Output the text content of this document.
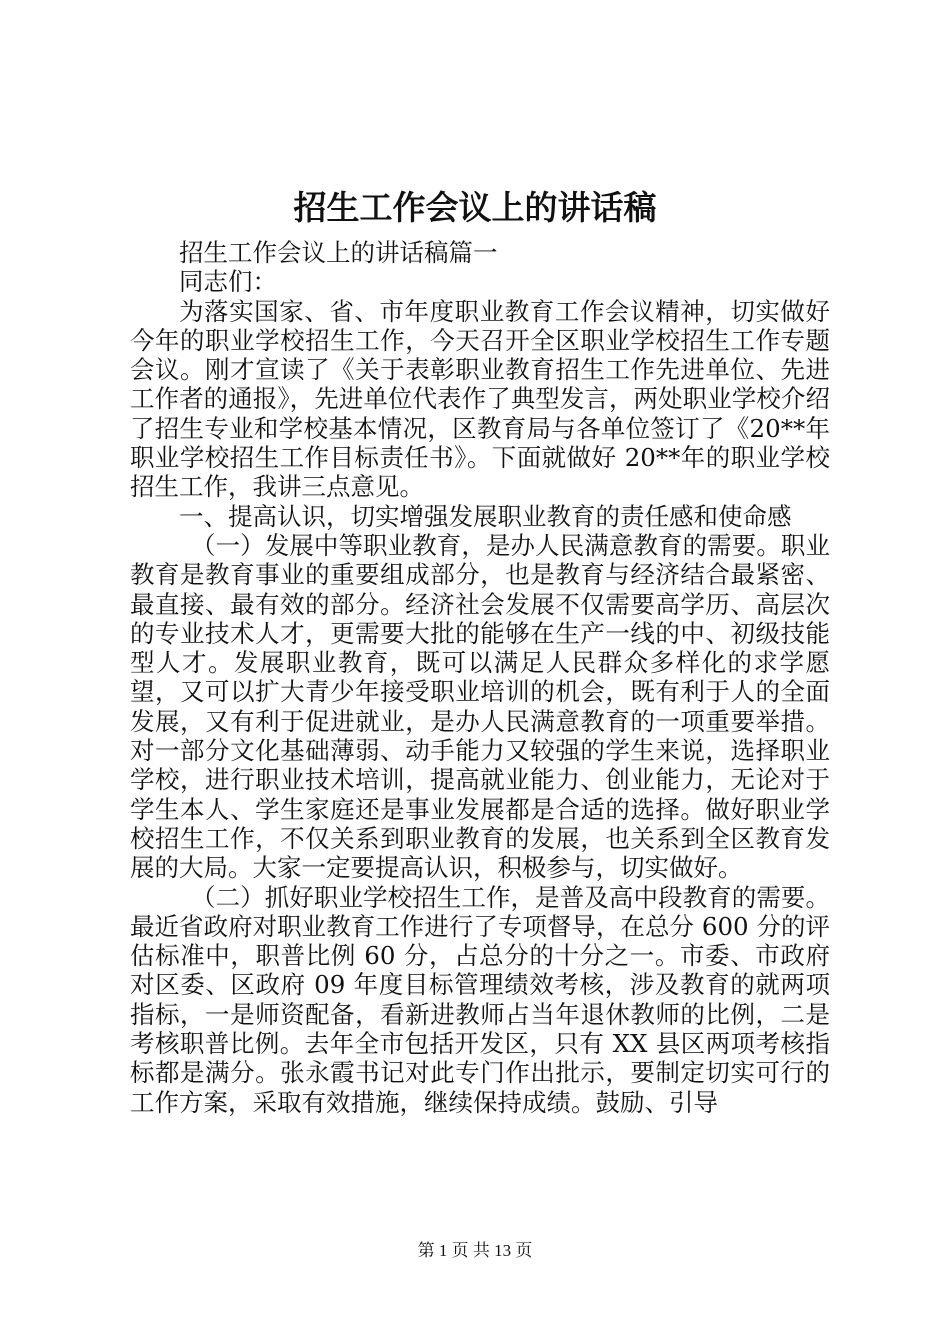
招生工作会议上的讲话稿

招生工作会议上的讲话稿篇一

同志们：

为落实国家、省、市年度职业教育工作会议精神，切实做好今年的职业学校招生工作，今天召开全区职业学校招生工作专题会议。刚才宣读了《关于表彰职业教育招生工作先进单位、先进工作者的通报》，先进单位代表作了典型发言，两处职业学校介绍了招生专业和学校基本情况，区教育局与各单位签订了《20**年职业学校招生工作目标责任书》。下面就做好 20**年的职业学校招生工作，我讲三点意见。

一、提高认识，切实增强发展职业教育的责任感和使命感

（一）发展中等职业教育，是办人民满意教育的需要。职业教育是教育事业的重要组成部分，也是教育与经济结合最紧密、最直接、最有效的部分。经济社会发展不仅需要高学历、高层次的专业技术人才，更需要大批的能够在生产一线的中、初级技能型人才。发展职业教育，既可以满足人民群众多样化的求学愿望，又可以扩大青少年接受职业培训的机会，既有利于人的全面发展，又有利于促进就业，是办人民满意教育的一项重要举措。对一部分文化基础薄弱、动手能力又较强的学生来说，选择职业学校，进行职业技术培训，提高就业能力、创业能力，无论对于学生本人、学生家庭还是事业发展都是合适的选择。做好职业学校招生工作，不仅关系到职业教育的发展，也关系到全区教育发展的大局。大家一定要提高认识，积极参与，切实做好。

（二）抓好职业学校招生工作，是普及高中段教育的需要。最近省政府对职业教育工作进行了专项督导，在总分 600 分的评估标准中，职普比例 60 分，占总分的十分之一。市委、市政府对区委、区政府 09 年度目标管理绩效考核，涉及教育的就两项指标，一是师资配备，看新进教师占当年退休教师的比例，二是考核职普比例。去年全市包括开发区，只有 XX 县区两项考核指标都是满分。张永霞书记对此专门作出批示，要制定切实可行的工作方案，采取有效措施，继续保持成绩。鼓励、引导

第 1 页 共 13 页
